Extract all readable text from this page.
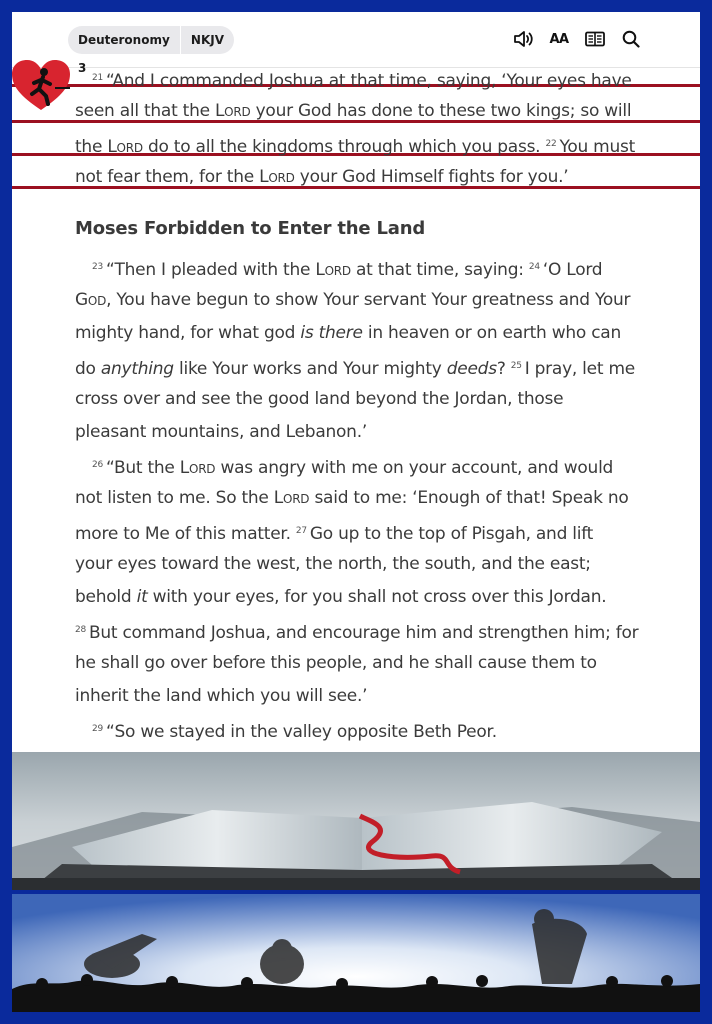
Deuteronomy 3
NKJV	AA
$^{21}$ “And I commanded Joshua at that time, saying, ‘Your eyes have
seen all that the Lord your God has done to these two kings; so will
the Lord do to all the kingdoms through which you pass. $^{22}$ You must
not fear them, for the Lord your God Himself fights for you.’
Moses Forbidden to Enter the Land
$^{23}$ “Then I pleaded with the Lord at that time, saying: $^{24}$ ‘O Lord
God, You have begun to show Your servant Your greatness and Your
mighty hand, for what god is there in heaven or on earth who can
do anything like Your works and Your mighty deeds? $^{25}$ I pray, let me
cross over and see the good land beyond the Jordan, those
pleasant mountains, and Lebanon.’
$^{26}$ “But the Lord was angry with me on your account, and would
not listen to me. So the Lord said to me: ‘Enough of that! Speak no
more to Me of this matter. $^{27}$ Go up to the top of Pisgah, and lift
your eyes toward the west, the north, the south, and the east;
behold it with your eyes, for you shall not cross over this Jordan.
$^{28}$ But command Joshua, and encourage him and strengthen him; for
he shall go over before this people, and he shall cause them to
inherit the land which you will see.’
$^{29}$ “So we stayed in the valley opposite Beth Peor.
